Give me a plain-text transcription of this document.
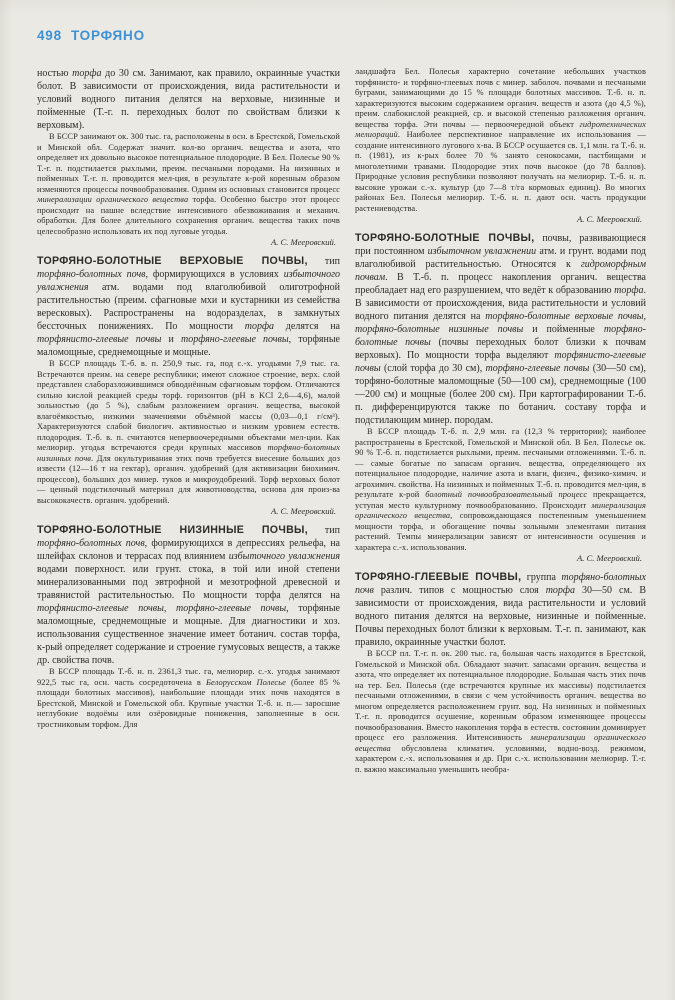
498 ТОРФЯНО

ностью торфа до 30 см. Занимают, как правило, окраинные участки болот. В зависимости от происхождения, вида растительности и условий водного питания делятся на верховые, низинные и пойменные (Т.-г. п. переходных болот по свойствам близки к верховым).

В БССР занимают ок. 300 тыс. га, расположены в осн. в Брестской, Гомельской и Минской обл. Содержат значит. кол-во органич. вещества и азота, что определяет их довольно высокое потенциальное плодородие. В Бел. Полесье 90 % Т.-г. п. подстилается рыхлыми, преим. песчаными породами. На низинных и пойменных Т.-г. п. проводится мел-ция, в результате к-рой коренным образом изменяются процессы почвообразования. Одним из основных становится процесс минерализации органического вещества торфа. Особенно быстро этот процесс происходит на пашне вследствие интенсивного обезвоживания и механич. обработки. Для более длительного сохранения органич. вещества таких почв целесообразно использовать их под луговые угодья.

А. С. Мееровский.

ТОРФЯНО-БОЛОТНЫЕ ВЕРХОВЫЕ ПОЧВЫ, тип торфяно-болотных почв, формирующихся в условиях избыточного увлажнения атм. водами под влаголюбивой олиготрофной растительностью (преим. сфагновые мхи и кустарники из семейства вересковых). Распространены на водоразделах, в замкнутых бессточных понижениях. По мощности торфа делятся на торфянисто-глеевые почвы и торфяно-глеевые почвы, торфяные маломощные, среднемощные и мощные.

В БССР площадь Т.-б. в. п. 250,9 тыс. га, под с.-х. угодьями 7,9 тыс. га. Встречаются преим. на севере республики; имеют сложное строение, верх. слой представлен слаборазложившимся обводнённым сфагновым торфом. Отличаются сильно кислой реакцией среды торф. горизонтов (pH в KCl 2,6—4,6), малой зольностью (до 5 %), слабым разложением органич. вещества, высокой влагоёмкостью, низкими значениями объёмной массы (0,03—0,1 г/см³). Характеризуются слабой биологич. активностью и низким уровнем естеств. плодородия. Т.-б. в. п. считаются непервоочередными объектами мел-ции. Как мелиорир. угодья встречаются среди крупных массивов торфяно-болотных низинных почв. Для окультуривания этих почв требуется внесение больших доз извести (12—16 т на гектар), органич. удобрений (для активизации биохимич. процессов), больших доз минер. туков и микроудобрений. Торф верховых болот — ценный подстилочный материал для животноводства, основа для произ-ва высококачеств. органич. удобрений.

А. С. Мееровский.

ТОРФЯНО-БОЛОТНЫЕ НИЗИННЫЕ ПОЧВЫ, тип торфяно-болотных почв, формирующихся в депрессиях рельефа, на шлейфах склонов и террасах под влиянием избыточного увлажнения водами поверхност. или грунт. стока, в той или иной степени минерализованными под эвтрофной и мезотрофной древесной и травянистой растительностью. По мощности торфа делятся на торфянисто-глеевые почвы, торфяно-глеевые почвы, торфяные маломощные, среднемощные и мощные. Для диагностики и хоз. использования существенное значение имеет ботанич. состав торфа, к-рый определяет содержание и строение гумусовых веществ, а также др. свойства почв.

В БССР площадь Т.-б. н. п. 2361,3 тыс. га, мелиорир. с.-х. угодья занимают 922,5 тыс га, осн. часть сосредоточена в Белорусском Полесье (более 85 % площади болотных массивов), наибольшие площади этих почв находятся в Брестской, Минской и Гомельской обл. Крупные участки Т.-б. н. п.— заросшие неглубокие водоёмы или озёровидные понижения, заполненные в осн. тростниковым торфом. Для

ландшафта Бел. Полесья характерно сочетание небольших участков торфянисто- и торфяно-глеевых почв с минер. заболоч. почвами и песчаными буграми, занимающими до 15 % площади болотных массивов. Т.-б. н. п. характеризуются высоким содержанием органич. веществ и азота (до 4,5 %), преим. слабокислой реакцией, ср. и высокой степенью разложения органич. вещества торфа. Эти почвы — первоочередной объект гидротехнических мелиораций. Наиболее перспективное направление их использования — создание интенсивного лугового х-ва. В БССР осушается св. 1,1 млн. га Т.-б. н. п. (1981), из к-рых более 70 % занято сенокосами, пастбищами и многолетними травами. Плодородие этих почв высокое (до 78 баллов). Природные условия республики позволяют получать на мелиорир. Т.-б. н. п. высокие урожаи с.-х. культур (до 7—8 т/га кормовых единиц). Во многих районах Бел. Полесья мелиорир. Т.-б. н. п. дают осн. часть продукции растениеводства.

А. С. Мееровский.

ТОРФЯНО-БОЛОТНЫЕ ПОЧВЫ, почвы, развивающиеся при постоянном избыточном увлажнении атм. и грунт. водами под влаголюбивой растительностью. Относятся к гидроморфным почвам. В Т.-б. п. процесс накопления органич. вещества преобладает над его разрушением, что ведёт к образованию торфа. В зависимости от происхождения, вида растительности и условий водного питания делятся на торфяно-болотные верховые почвы, торфяно-болотные низинные почвы и пойменные торфяно-болотные почвы (почвы переходных болот близки к почвам верховых). По мощности торфа выделяют торфянисто-глеевые почвы (слой торфа до 30 см), торфяно-глеевые почвы (30—50 см), торфяно-болотные маломощные (50—100 см), среднемощные (100—200 см) и мощные (более 200 см). При картографировании Т.-б. п. дифференцируются также по ботанич. составу торфа и подстилающим минер. породам.

В БССР площадь Т.-б. п. 2,9 млн. га (12,3 % территории); наиболее распространены в Брестской, Гомельской и Минской обл. В Бел. Полесье ок. 90 % Т.-б. п. подстилается рыхлыми, преим. песчаными отложениями. Т.-б. п.— самые богатые по запасам органич. вещества, определяющего их потенциальное плодородие, наличие азота и влаги, физич., физико-химич. и агрохимич. свойства. На низинных и пойменных Т.-б. п. проводится мел-ция, в результате к-рой болотный почвообразовательный процесс прекращается, уступая место культурному почвообразованию. Происходит минерализация органического вещества, сопровождающаяся постепенным уменьшением мощности торфа, и обогащение почвы зольными элементами питания растений. Темпы минерализации зависят от интенсивности осушения и характера с.-х. использования.

А. С. Мееровский.

ТОРФЯНО-ГЛЕЕВЫЕ ПОЧВЫ, группа торфяно-болотных почв различ. типов с мощностью слоя торфа 30—50 см. В зависимости от происхождения, вида растительности и условий водного питания делятся на верховые, низинные и пойменные. Почвы переходных болот близки к верховым. Т.-г. п. занимают, как правило, окраинные участки болот.

В БССР пл. Т.-г. п. ок. 200 тыс. га, большая часть находится в Брестской, Гомельской и Минской обл. Обладают значит. запасами органич. вещества и азота, что определяет их потенциальное плодородие. Большая часть этих почв на тер. Бел. Полесья (где встречаются крупные их массивы) подстилается песчаными отложениями, в связи с чем устойчивость органич. вещества во многом определяется расположением грунт. вод. На низинных и пойменных Т.-г. п. проводится осушение, коренным образом изменяющее процессы почвообразования. Вместо накопления торфа в естеств. состоянии доминирует процесс его разложения. Интенсивность минерализации органического вещества обусловлена климатич. условиями, водно-возд. режимом, характером с.-х. использования и др. При с.-х. использовании мелиорир. Т.-г. п. важно максимально уменьшить необра-
